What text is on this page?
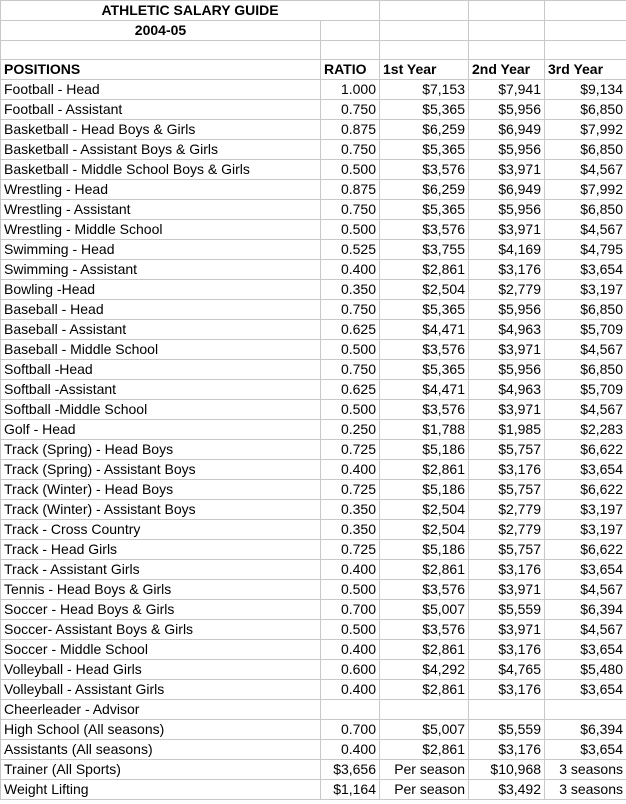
ATHLETIC SALARY GUIDE				
2004-05				

POSITIONS	RATIO	1st Year	2nd Year	3rd Year
Football - Head	1.000	$7,153	$7,941	$9,134
Football - Assistant	0.750	$5,365	$5,956	$6,850
Basketball - Head Boys & Girls	0.875	$6,259	$6,949	$7,992
Basketball - Assistant Boys & Girls	0.750	$5,365	$5,956	$6,850
Basketball - Middle School Boys & Girls	0.500	$3,576	$3,971	$4,567
Wrestling - Head	0.875	$6,259	$6,949	$7,992
Wrestling - Assistant	0.750	$5,365	$5,956	$6,850
Wrestling - Middle School	0.500	$3,576	$3,971	$4,567
Swimming - Head	0.525	$3,755	$4,169	$4,795
Swimming - Assistant	0.400	$2,861	$3,176	$3,654
Bowling -Head	0.350	$2,504	$2,779	$3,197
Baseball - Head	0.750	$5,365	$5,956	$6,850
Baseball - Assistant	0.625	$4,471	$4,963	$5,709
Baseball - Middle School	0.500	$3,576	$3,971	$4,567
Softball -Head	0.750	$5,365	$5,956	$6,850
Softball -Assistant	0.625	$4,471	$4,963	$5,709
Softball -Middle School	0.500	$3,576	$3,971	$4,567
Golf - Head	0.250	$1,788	$1,985	$2,283
Track (Spring) - Head Boys	0.725	$5,186	$5,757	$6,622
Track (Spring) - Assistant Boys	0.400	$2,861	$3,176	$3,654
Track (Winter) - Head Boys	0.725	$5,186	$5,757	$6,622
Track (Winter) - Assistant Boys	0.350	$2,504	$2,779	$3,197
Track - Cross Country	0.350	$2,504	$2,779	$3,197
Track - Head Girls	0.725	$5,186	$5,757	$6,622
Track - Assistant Girls	0.400	$2,861	$3,176	$3,654
Tennis - Head Boys & Girls	0.500	$3,576	$3,971	$4,567
Soccer - Head Boys & Girls	0.700	$5,007	$5,559	$6,394
Soccer- Assistant Boys & Girls	0.500	$3,576	$3,971	$4,567
Soccer - Middle School	0.400	$2,861	$3,176	$3,654
Volleyball - Head Girls	0.600	$4,292	$4,765	$5,480
Volleyball - Assistant Girls	0.400	$2,861	$3,176	$3,654
Cheerleader - Advisor				
High School (All seasons)	0.700	$5,007	$5,559	$6,394
Assistants (All seasons)	0.400	$2,861	$3,176	$3,654
Trainer (All Sports)	$3,656	Per season	$10,968	3 seasons
Weight Lifting	$1,164	Per season	$3,492	3 seasons
